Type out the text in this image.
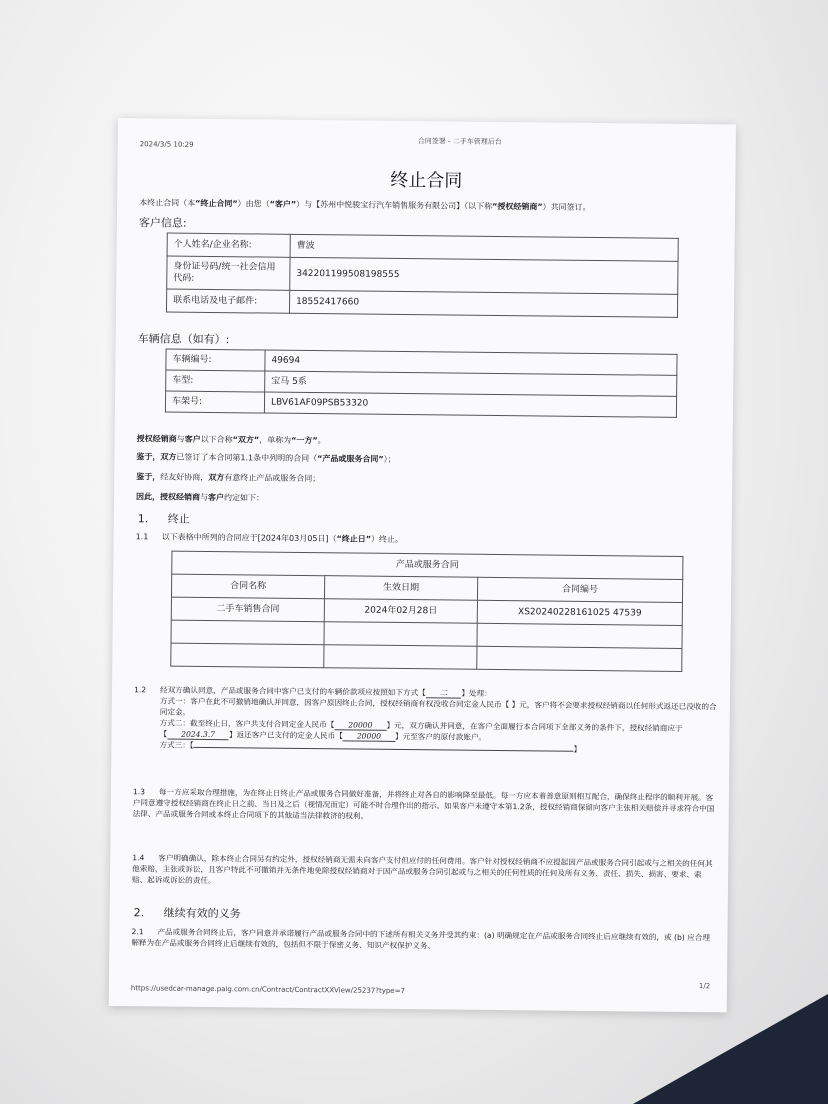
2024/3/5 10:29	合同签署 - 二手车管理后台
终止合同
本终止合同（本“终止合同”）由您（“客户”）与【苏州中悦骏宝行汽车销售服务有限公司】（以下称“授权经销商”）共同签订。
客户信息:
个人姓名/企业名称:	曹波
身份证号码/统一社会信用代码:	342201199508198555
联系电话及电子邮件:	18552417660
车辆信息（如有）:
车辆编号:	49694
车型:	宝马 5系
车架号:	LBV61AF09PSB53320
授权经销商与客户以下合称“双方”，单称为“一方”。
鉴于，双方已签订了本合同第1.1条中列明的合同（“产品或服务合同”）；
鉴于，经友好协商，双方有意终止产品或服务合同；
因此，授权经销商与客户约定如下：
1. 终止
1.1 以下表格中所列的合同应于[2024年03月05日]（“终止日”）终止。
产品或服务合同		
合同名称	生效日期	合同编号
二手车销售合同	2024年02月28日	XS20240228161025 47539

1.2 经双方确认同意，产品或服务合同中客户已支付的车辆价款项应按照如下方式【 二 】处理：
方式一：客户在此不可撤销地确认并同意，因客户原因终止合同，授权经销商有权没收合同定金人民币【 】元，客户将不会要求授权经销商以任何形式返还已没收的合同定金。
方式二：截至终止日，客户共支付合同定金人民币【 20000 】元，双方确认并同意，在客户全面履行本合同项下全部义务的条件下，授权经销商应于【 2024.3.7 】返还客户已支付的定金人民币【 20000 】元至客户的原付款账户。
方式三：【	】
1.3 每一方应采取合理措施，为在终止日终止产品或服务合同做好准备，并将终止对各自的影响降至最低。每一方应本着善意原则相互配合，确保终止程序的顺利开展。客户同意遵守授权经销商在终止日之前、当日及之后（视情况而定）可能不时合理作出的指示。如果客户未遵守本第1.2条，授权经销商保留向客户主张相关赔偿并寻求符合中国法律、产品或服务合同或本终止合同项下的其他适当法律救济的权利。
1.4 客户明确确认，除本终止合同另有约定外，授权经销商无需未向客户支付但应付的任何费用。客户针对授权经销商不应提起因产品或服务合同引起或与之相关的任何其他索赔，主张或诉讼，且客户特此不可撤销并无条件地免除授权经销商对于因产品或服务合同引起或与之相关的任何性质的任何及所有义务、责任、损失、损害、要求、索赔、起诉或诉讼的责任。
2. 继续有效的义务
2.1 产品或服务合同终止后，客户同意并承诺履行产品或服务合同中的下述所有相关义务并受其约束：(a) 明确规定在产品或服务合同终止后应继续有效的，或 (b) 应合理解释为在产品或服务合同终止后继续有效的，包括但不限于保密义务、知识产权保护义务、
https://usedcar-manage.paig.com.cn/Contract/ContractXXView/25237?type=7	1/2
